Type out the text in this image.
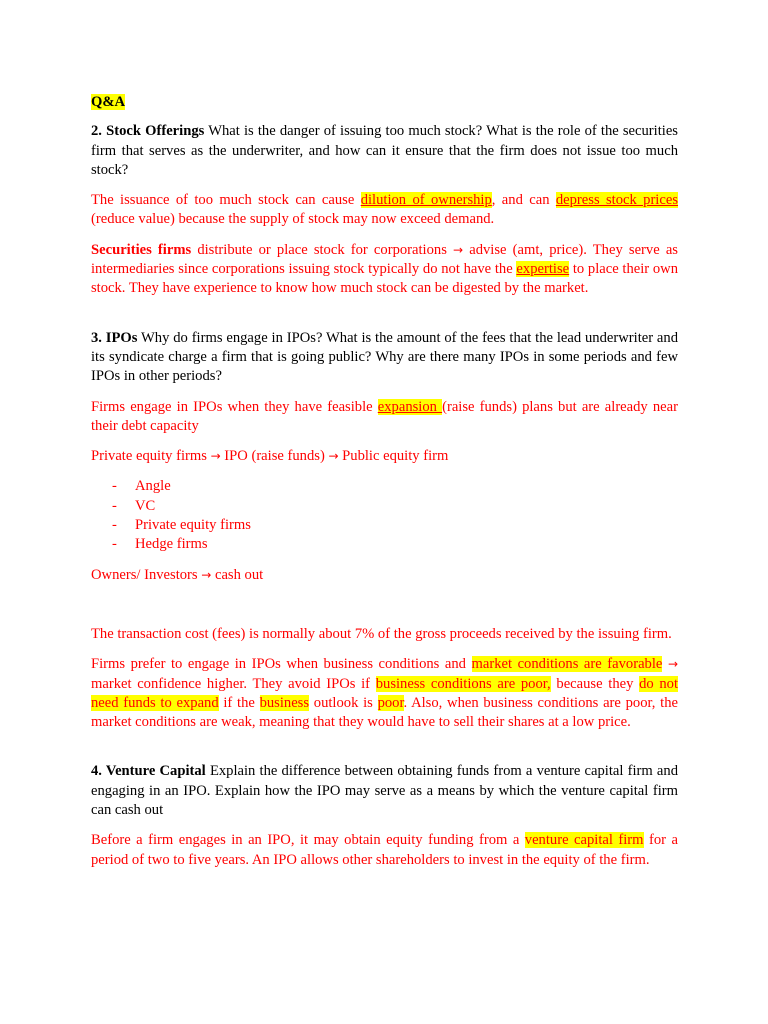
Q&A

2. Stock Offerings What is the danger of issuing too much stock? What is the role of the securities firm that serves as the underwriter, and how can it ensure that the firm does not issue too much stock?

The issuance of too much stock can cause dilution of ownership, and can depress stock prices (reduce value) because the supply of stock may now exceed demand.

Securities firms distribute or place stock for corporations → advise (amt, price). They serve as intermediaries since corporations issuing stock typically do not have the expertise to place their own stock. They have experience to know how much stock can be digested by the market.

3. IPOs Why do firms engage in IPOs? What is the amount of the fees that the lead underwriter and its syndicate charge a firm that is going public? Why are there many IPOs in some periods and few IPOs in other periods?

Firms engage in IPOs when they have feasible expansion (raise funds) plans but are already near their debt capacity

Private equity firms → IPO (raise funds) → Public equity firm

- Angle
- VC
- Private equity firms
- Hedge firms

Owners/ Investors → cash out

The transaction cost (fees) is normally about 7% of the gross proceeds received by the issuing firm.

Firms prefer to engage in IPOs when business conditions and market conditions are favorable → market confidence higher. They avoid IPOs if business conditions are poor, because they do not need funds to expand if the business outlook is poor. Also, when business conditions are poor, the market conditions are weak, meaning that they would have to sell their shares at a low price.

4. Venture Capital Explain the difference between obtaining funds from a venture capital firm and engaging in an IPO. Explain how the IPO may serve as a means by which the venture capital firm can cash out

Before a firm engages in an IPO, it may obtain equity funding from a venture capital firm for a period of two to five years. An IPO allows other shareholders to invest in the equity of the firm.
